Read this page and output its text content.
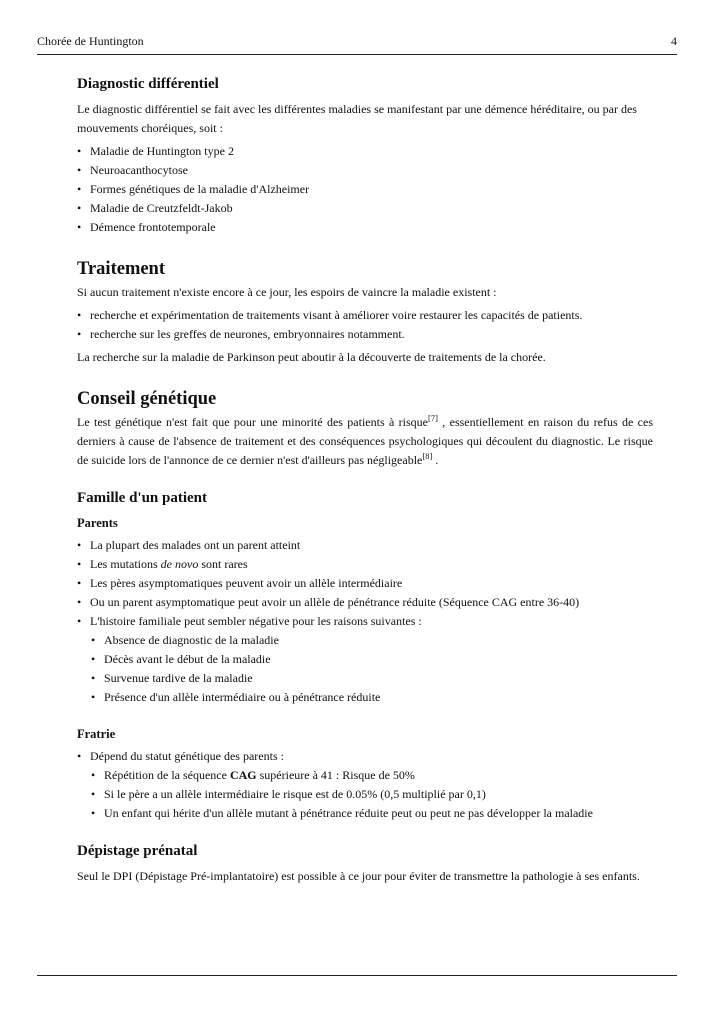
Chorée de Huntington	4
Diagnostic différentiel

Le diagnostic différentiel se fait avec les différentes maladies se manifestant par une démence héréditaire, ou par des mouvements choréiques, soit :

• Maladie de Huntington type 2
• Neuroacanthocytose
• Formes génétiques de la maladie d'Alzheimer
• Maladie de Creutzfeldt-Jakob
• Démence frontotemporale
Traitement

Si aucun traitement n'existe encore à ce jour, les espoirs de vaincre la maladie existent :

• recherche et expérimentation de traitements visant à améliorer voire restaurer les capacités de patients.
• recherche sur les greffes de neurones, embryonnaires notamment.

La recherche sur la maladie de Parkinson peut aboutir à la découverte de traitements de la chorée.

Conseil génétique

Le test génétique n'est fait que pour une minorité des patients à risque[7] , essentiellement en raison du refus de ces derniers à cause de l'absence de traitement et des conséquences psychologiques qui découlent du diagnostic. Le risque de suicide lors de l'annonce de ce dernier n'est d'ailleurs pas négligeable[8] .

Famille d'un patient
Parents
• La plupart des malades ont un parent atteint
• Les mutations de novo sont rares
• Les pères asymptomatiques peuvent avoir un allèle intermédiaire
• Ou un parent asymptomatique peut avoir un allèle de pénétrance réduite (Séquence CAG entre 36-40)
• L'histoire familiale peut sembler négative pour les raisons suivantes :
• Absence de diagnostic de la maladie
• Décès avant le début de la maladie
• Survenue tardive de la maladie
• Présence d'un allèle intermédiaire ou à pénétrance réduite
Fratrie
• Dépend du statut génétique des parents :
• Répétition de la séquence CAG supérieure à 41 : Risque de 50%
• Si le père a un allèle intermédiaire le risque est de 0.05% (0,5 multiplié par 0,1)
• Un enfant qui hérite d'un allèle mutant à pénétrance réduite peut ou peut ne pas développer la maladie
Dépistage prénatal

Seul le DPI (Dépistage Pré-implantatoire) est possible à ce jour pour éviter de transmettre la pathologie à ses enfants.
